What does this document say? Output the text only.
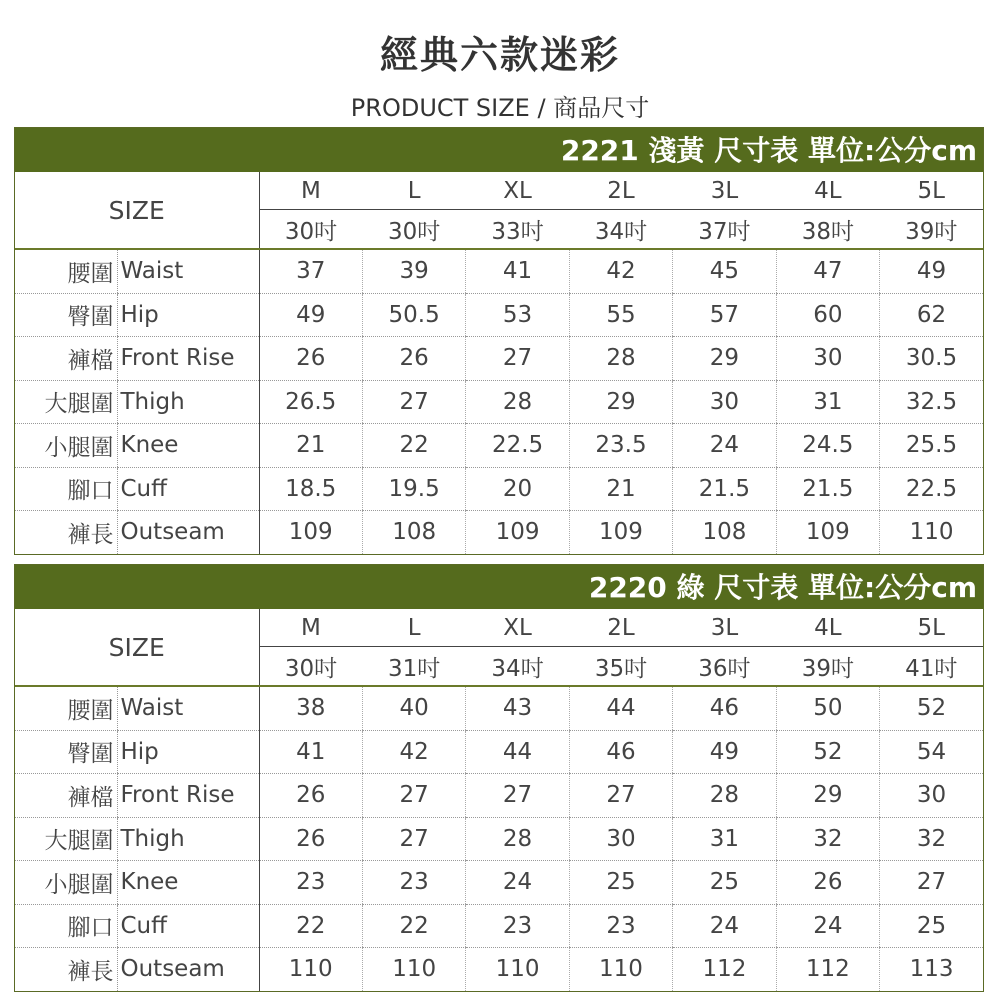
經典六款迷彩
PRODUCT SIZE / 商品尺寸
2221 淺黃 尺寸表 單位:公分cm
SIZE		M	L	XL	2L	3L	4L	5L
		30吋	30吋	33吋	34吋	37吋	38吋	39吋
腰圍	Waist	37	39	41	42	45	47	49
臀圍	Hip	49	50.5	53	55	57	60	62
褲檔	Front Rise	26	26	27	28	29	30	30.5
大腿圍	Thigh	26.5	27	28	29	30	31	32.5
小腿圍	Knee	21	22	22.5	23.5	24	24.5	25.5
腳口	Cuff	18.5	19.5	20	21	21.5	21.5	22.5
褲長	Outseam	109	108	109	109	108	109	110
2220 綠 尺寸表 單位:公分cm
SIZE		M	L	XL	2L	3L	4L	5L
		30吋	31吋	34吋	35吋	36吋	39吋	41吋
腰圍	Waist	38	40	43	44	46	50	52
臀圍	Hip	41	42	44	46	49	52	54
褲檔	Front Rise	26	27	27	27	28	29	30
大腿圍	Thigh	26	27	28	30	31	32	32
小腿圍	Knee	23	23	24	25	25	26	27
腳口	Cuff	22	22	23	23	24	24	25
褲長	Outseam	110	110	110	110	112	112	113
